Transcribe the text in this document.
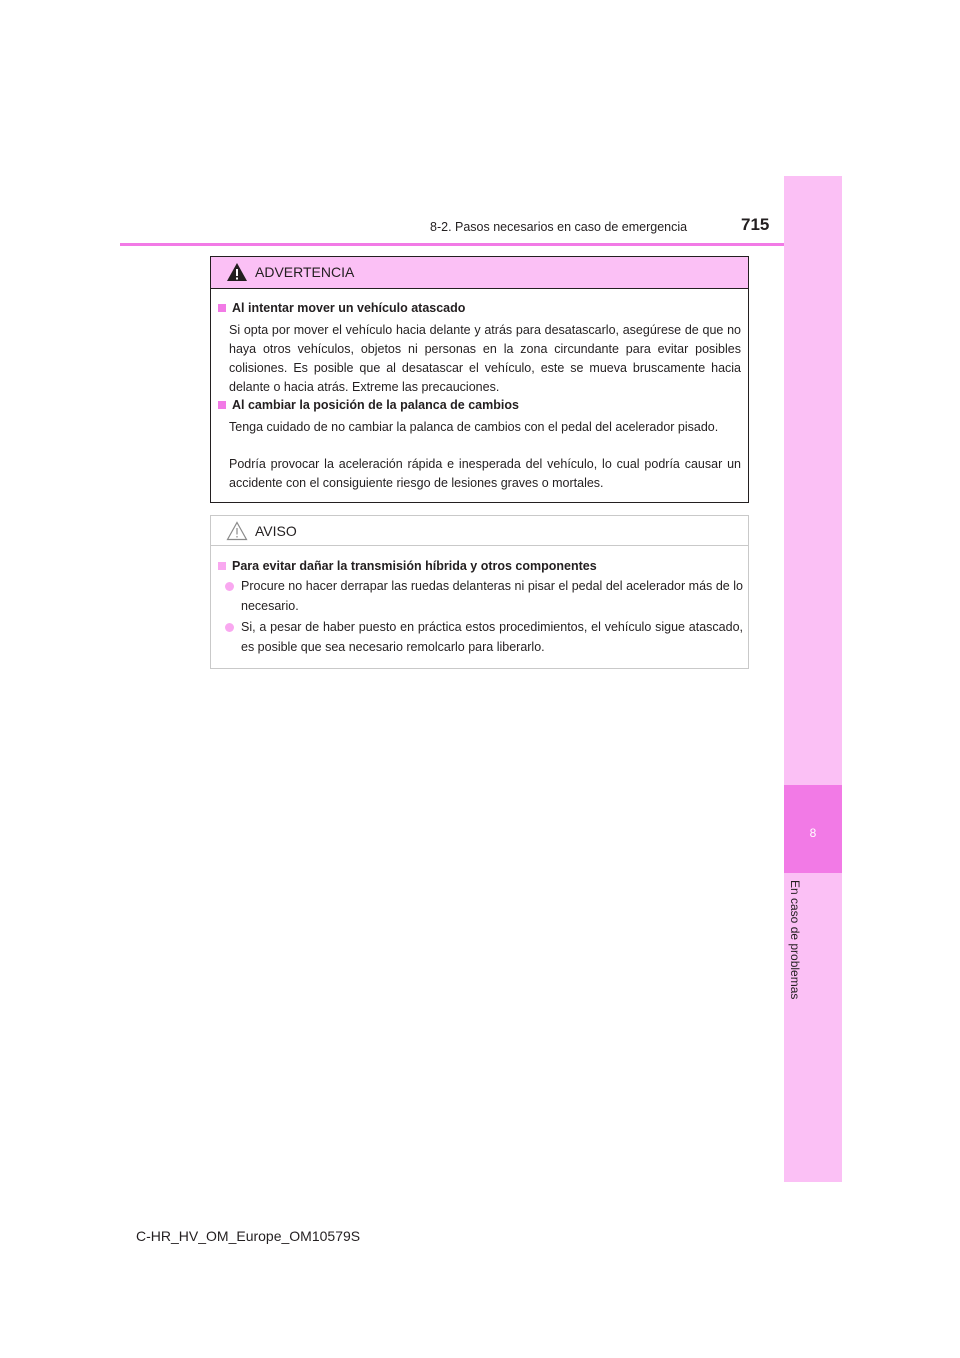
8-2. Pasos necesarios en caso de emergencia	715
8
En caso de problemas
ADVERTENCIA
Al intentar mover un vehículo atascado
Si opta por mover el vehículo hacia delante y atrás para desatascarlo, asegúrese de que no haya otros vehículos, objetos ni personas en la zona circundante para evitar posibles colisiones. Es posible que al desatascar el vehículo, este se mueva bruscamente hacia delante o hacia atrás. Extreme las precauciones.
Al cambiar la posición de la palanca de cambios
Tenga cuidado de no cambiar la palanca de cambios con el pedal del acelerador pisado.
Podría provocar la aceleración rápida e inesperada del vehículo, lo cual podría causar un accidente con el consiguiente riesgo de lesiones graves o mortales.
AVISO
Para evitar dañar la transmisión híbrida y otros componentes
Procure no hacer derrapar las ruedas delanteras ni pisar el pedal del acelerador más de lo necesario.
Si, a pesar de haber puesto en práctica estos procedimientos, el vehículo sigue atascado, es posible que sea necesario remolcarlo para liberarlo.
C-HR_HV_OM_Europe_OM10579S
